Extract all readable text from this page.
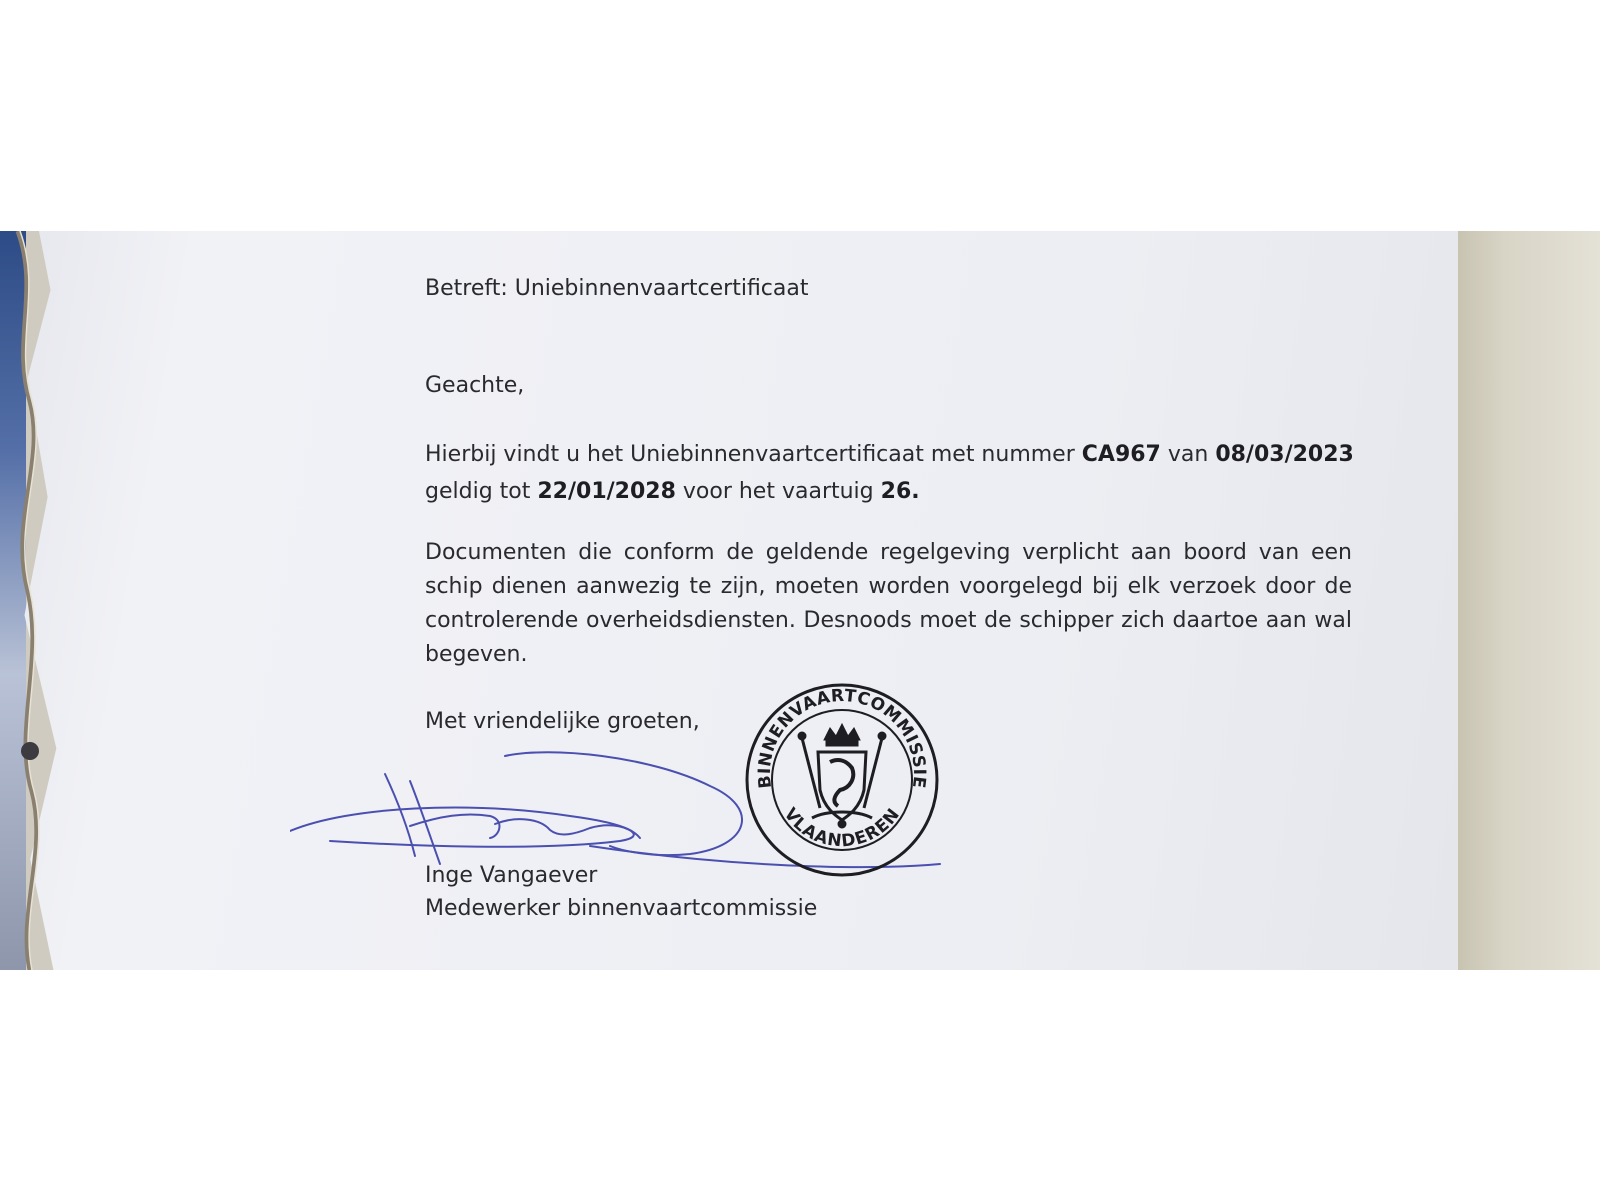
Betreft: Uniebinnenvaartcertificaat
Geachte,
Hierbij vindt u het Uniebinnenvaartcertificaat met nummer CA967 van 08/03/2023
geldig tot 22/01/2028 voor het vaartuig 26.
Documenten die conform de geldende regelgeving verplicht aan boord van een schip dienen aanwezig te zijn, moeten worden voorgelegd bij elk verzoek door de controlerende overheidsdiensten. Desnoods moet de schipper zich daartoe aan wal begeven.
Met vriendelijke groeten,
Inge Vangaever
Medewerker binnenvaartcommissie
BINNENVAARTCOMMISSIE
VLAANDEREN
